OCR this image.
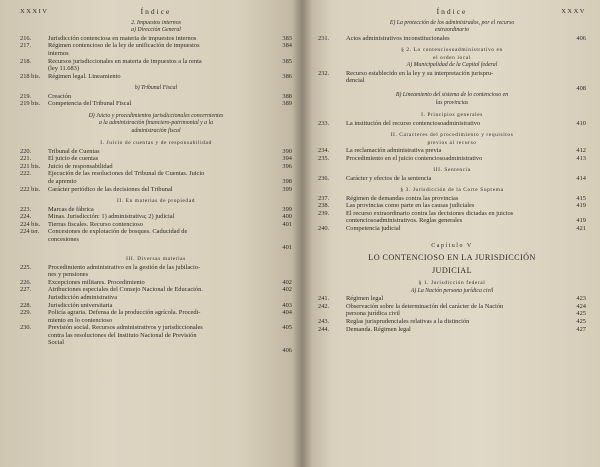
XXXIV	Índice
2. Impuestos internos
a) Dirección General
216.	Jurisdicción contenciosa en materia de impuestos internos	383
217.	Régimen contencioso de la ley de unificación de impuestos	384
internos
218.	Recursos jurisdiccionales en materia de impuestos a la renta	385
(ley 11.683)
218 bis.	Régimen legal. Lineamiento	386
b) Tribunal Fiscal
219.	Creación	388
219 bis.	Competencia del Tribunal Fiscal	389
D) Juicio y procedimientos jurisdiccionales concernientes
a la administración financiero-patrimonial y a la
administración fiscal
I. Juicio de cuentas y de responsabilidad
220.	Tribunal de Cuentas	390
221.	El juicio de cuentas	394
221 bis.	Juicio de responsabilidad	396
222.	Ejecución de las resoluciones del Tribunal de Cuentas. Juicio
de apremio	398
222 bis.	Carácter periódico de las decisiones del Tribunal	399
II. En materias de propiedad
223.	Marcas de fábrica	399
224.	Minas. Jurisdicción: 1) administrativa; 2) judicial	400
224 bis.	Tierras fiscales. Recurso contencioso	401
224 ter.	Concesiones de explotación de bosques. Caducidad de
concesiones
401
III. Diversas materias
225.	Procedimiento administrativo en la gestión de las jubilacio-
nes y pensiones
226.	Excepciones militares. Procedimiento	402
227.	Atribuciones especiales del Consejo Nacional de Educación.	402
Jurisdicción administrativa
228.	Jurisdicción universitaria	403
229.	Policía agraria. Defensa de la producción agrícola. Procedi-	404
miento en lo contencioso
230.	Previsión social. Recursos administrativos y jurisdiccionales	405
contra las resoluciones del Instituto Nacional de Previsión
Social
406
Índice	XXXV
E) La protección de los administrados, por el recurso
extraordinario
231.	Actos administrativos inconstitucionales	406
§ 2. Lo contenciosoadministrativo en
el orden local
A) Municipalidad de la Capital federal
232.	Recurso establecido en la ley y su interpretación jurispru-
dencial
408
B) Lineamiento del sistema de lo contencioso en
las provincias
I. Principios generales
233.	La institución del recurso contenciosoadministrativo	410
II. Caracteres del procedimiento y requisitos
previos al recurso
234.	La reclamación administrativa previa	412
235.	Procedimiento en el juicio contenciosoadministrativo	413
III. Sentencia
236.	Carácter y efectos de la sentencia	414
§ 3. Jurisdicción de la Corte Suprema
237.	Régimen de demandas contra las provincias	415
238.	Las provincias como parte en las causas judiciales	419
239.	El recurso extraordinario contra las decisiones dictadas en juicios
contenciosoadministrativos. Reglas generales	419
240.	Competencia judicial	421
Capítulo V
LO CONTENCIOSO EN LA JURISDICCIÓN
JUDICIAL
§ 1. Jurisdicción federal
A) La Nación persona jurídica civil
241.	Régimen legal	423
242.	Observación sobre la determinación del carácter de la Nación	424
persona jurídica civil	425
243.	Reglas jurisprudenciales relativas a la distinción	425
244.	Demanda. Régimen legal	427
